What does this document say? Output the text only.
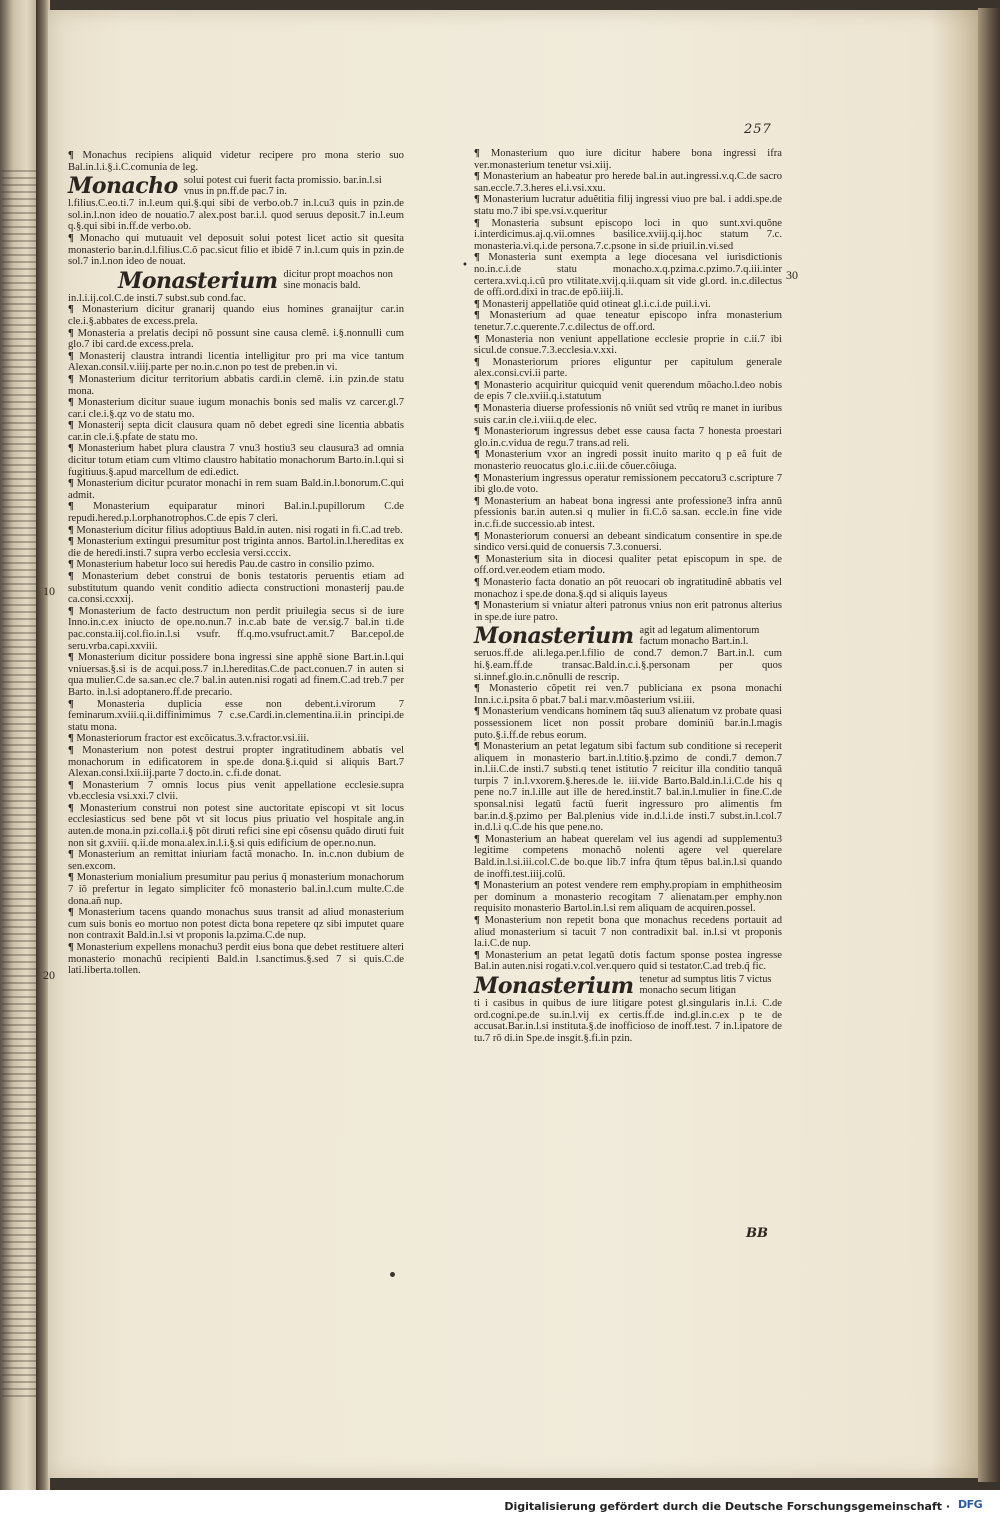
257
10
20
30
•

¶ Monachus recipiens aliquid videtur recipere pro mona sterio suo Bal.in.l.i.§.i.C.comunia de leg.

Monacho solui potest cui fuerit facta promissio. bar.in.l.si vnus in pn.ff.de pac.7 in.

l.filius.C.eo.ti.7 in.l.eum qui.§.qui sibi de verbo.ob.7 in.l.cu3 quis in pzin.de sol.in.l.non ideo de nouatio.7 alex.post bar.i.l. quod seruus deposit.7 in.l.eum q.§.qui sibi in.ff.de verbo.ob.

¶ Monacho qui mutuauit vel deposuit solui potest licet actio sit quesita monasterio bar.in.d.l.filius.C.õ pac.sicut filio et ibidẽ 7 in.l.cum quis in pzin.de sol.7 in.l.non ideo de nouat.

Monasterium dicitur propt moachos non sine monacis bald.

in.l.i.ij.col.C.de insti.7 subst.sub cond.fac.

¶ Monasterium dicitur granarij quando eius homines granaijtur car.in cle.i.§.abbates de excess.prela.

¶ Monasteria a prelatis decipi nõ possunt sine causa clemẽ. i.§.nonnulli cum glo.7 ibi card.de excess.prela.

¶ Monasterij claustra intrandi licentia intelligitur pro pri ma vice tantum Alexan.consil.v.iiij.parte per no.in.c.non po test de preben.in vi.

¶ Monasterium dicitur territorium abbatis cardi.in clemẽ. i.in pzin.de statu mona.

¶ Monasterium dicitur suaue iugum monachis bonis sed malis vz carcer.gl.7 car.i cle.i.§.qz vo de statu mo.

¶ Monasterij septa dicit clausura quam nõ debet egredi sine licentia abbatis car.in cle.i.§.pfate de statu mo.

¶ Monasterium habet plura claustra 7 vnu3 hostiu3 seu clausura3 ad omnia dicitur totum etiam cum vltimo claustro habitatio monachorum Barto.in.l.qui si fugitiuus.§.apud marcellum de edi.edict.

¶ Monasterium dicitur pcurator monachi in rem suam Bald.in.l.bonorum.C.qui admit.

¶ Monasterium equiparatur minori Bal.in.l.pupillorum C.de repudi.hered.p.l.orphanotrophos.C.de epis 7 cleri.

¶ Monasterium dicitur filius adoptiuus Bald.in auten. nisi rogati in fi.C.ad treb.

¶ Monasterium extingui presumitur post triginta annos. Bartol.in.l.hereditas ex die de heredi.insti.7 supra verbo ecclesia versi.cccix.

¶ Monasterium habetur loco sui heredis Pau.de castro in consilio pzimo.

¶ Monasterium debet construi de bonis testatoris peruentis etiam ad substitutum quando venit conditio adiecta constructioni monasterij pau.de ca.consi.ccxxij.

¶ Monasterium de facto destructum non perdit priuilegia secus si de iure Inno.in.c.ex iniucto de ope.no.nun.7 in.c.ab bate de ver.sig.7 bal.in ti.de pac.consta.iij.col.fio.in.l.si vsufr. ff.q.mo.vsufruct.amit.7 Bar.cepol.de seru.vrba.capi.xxviii.

¶ Monasterium dicitur possidere bona ingressi sine apphẽ sione Bart.in.l.qui vniuersas.§.si is de acqui.poss.7 in.l.hereditas.C.de pact.conuen.7 in auten si qua mulier.C.de sa.san.ec cle.7 bal.in auten.nisi rogati ad finem.C.ad treb.7 per Barto. in.l.si adoptanero.ff.de precario.

¶ Monasteria duplicia esse non debent.i.virorum 7 feminarum.xviii.q.ii.diffinimimus 7 c.se.Cardi.in.clementina.ii.in principi.de statu mona.

¶ Monasteriorum fractor est excõicatus.3.v.fractor.vsi.iii.

¶ Monasterium non potest destrui propter ingratitudinem abbatis vel monachorum in edificatorem in spe.de dona.§.i.quid si aliquis Bart.7 Alexan.consi.lxii.iij.parte 7 docto.in. c.fi.de donat.

¶ Monasterium 7 omnis locus pius venit appellatione ecclesie.supra vb.ecclesia vsi.xxi.7 clvii.

¶ Monasterium construi non potest sine auctoritate episcopi vt sit locus ecclesiasticus sed bene põt vt sit locus pius priuatio vel hospitale ang.in auten.de mona.in pzi.colla.i.§ põt diruti refici sine epi cõsensu quãdo diruti fuit non sit g.xviii. q.ii.de mona.alex.in.l.i.§.si quis edificium de oper.no.nun.

¶ Monasterium an remittat iniuriam factã monacho. In. in.c.non dubium de sen.excom.

¶ Monasterium monialium presumitur pau perius q̃ monasterium monachorum 7 iõ prefertur in legato simpliciter fcõ monasterio bal.in.l.cum multe.C.de dona.añ nup.

¶ Monasterium tacens quando monachus suus transit ad aliud monasterium cum suis bonis eo mortuo non potest dicta bona repetere qz sibi imputet quare non contraxit Bald.in.l.si vt proponis la.pzima.C.de nup.

¶ Monasterium expellens monachu3 perdit eius bona que debet restituere alteri monasterio monachũ recipienti Bald.in l.sanctimus.§.sed 7 si quis.C.de lati.liberta.tollen.

¶ Monasterium quo iure dicitur habere bona ingressi ifra ver.monasterium tenetur vsi.xiij.

¶ Monasterium an habeatur pro herede bal.in aut.ingressi.v.q.C.de sacro san.eccle.7.3.heres el.i.vsi.xxu.

¶ Monasterium lucratur aduẽtitia filij ingressi viuo pre bal. i addi.spe.de statu mo.7 ibi spe.vsi.v.queritur

¶ Monasteria subsunt episcopo loci in quo sunt.xvi.quõne i.interdicimus.aj.q.vii.omnes basilice.xviij.q.ij.hoc statum 7.c. monasteria.vi.q.i.de persona.7.c.psone in si.de priuil.in.vi.sed

¶ Monasteria sunt exempta a lege diocesana vel iurisdictionis no.in.c.i.de statu monacho.x.q.pzima.c.pzimo.7.q.iii.inter certera.xvi.q.i.cũ pro vtilitate.xvij.q.ii.quam sit vide gl.ord. in.c.dilectus de offi.ord.dixi in trac.de epõ.iiij.li.

¶ Monasterij appellatiõe quid otineat gl.i.c.i.de puil.i.vi.

¶ Monasterium ad quae teneatur episcopo infra monasterium tenetur.7.c.querente.7.c.dilectus de off.ord.

¶ Monasteria non veniunt appellatione ecclesie proprie in c.ii.7 ibi sicul.de consue.7.3.ecclesia.v.xxi.

¶ Monasteriorum priores eliguntur per capitulum generale alex.consi.cvi.ii parte.

¶ Monasterio acquiritur quicquid venit querendum mõacho.l.deo nobis de epis 7 cle.xviii.q.i.statutum

¶ Monasteria diuerse professionis nõ vniũt sed vtrũq re manet in iuribus suis car.in cle.i.viii.q.de elec.

¶ Monasteriorum ingressus debet esse causa facta 7 honesta proestari glo.in.c.vidua de regu.7 trans.ad reli.

¶ Monasterium vxor an ingredi possit inuito marito q p eã fuit de monasterio reuocatus glo.i.c.iii.de cõuer.cõiuga.

¶ Monasterium ingressus operatur remissionem peccatoru3 c.scripture 7 ibi glo.de voto.

¶ Monasterium an habeat bona ingressi ante professione3 infra annũ pfessionis bar.in auten.si q mulier in fi.C.õ sa.san. eccle.in fine vide in.c.fi.de successio.ab intest.

¶ Monasteriorum conuersi an debeant sindicatum consentire in spe.de sindico versi.quid de conuersis 7.3.conuersi.

¶ Monasterium sita in diocesi qualiter petat episcopum in spe. de off.ord.ver.eodem etiam modo.

¶ Monasterio facta donatio an põt reuocari ob ingratitudinẽ abbatis vel monachoz i spe.de dona.§.qd si aliquis layeus

¶ Monasterium si vniatur alteri patronus vnius non erit patronus alterius in spe.de iure patro.

Monasterium agit ad legatum alimentorum factum monacho Bart.in.l.

seruos.ff.de ali.lega.per.l.filio de cond.7 demon.7 Bart.in.l. cum hi.§.eam.ff.de transac.Bald.in.c.i.§.personam per quos si.innef.glo.in.c.nõnulli de rescrip.

¶ Monasterio cõpetit rei ven.7 publiciana ex psona monachi Inn.i.c.i.psita õ pbat.7 bal.i mar.v.mõasterium vsi.iii.

¶ Monasterium vendicans hominem tãq suu3 alienatum vz probate quasi possessionem licet non possit probare dominiũ bar.in.l.magis puto.§.i.ff.de rebus eorum.

¶ Monasterium an petat legatum sibi factum sub conditione si receperit aliquem in monasterio bart.in.l.titio.§.pzimo de condi.7 demon.7 in.l.ii.C.de insti.7 substi.q tenet istitutio 7 reicitur illa conditio tanquã turpis 7 in.l.vxorem.§.heres.de le. iii.vide Barto.Bald.in.l.i.C.de his q pene no.7 in.l.ille aut ille de hered.instit.7 bal.in.l.mulier in fine.C.de sponsal.nisi legatũ factũ fuerit ingressuro pro alimentis fm bar.in.d.§.pzimo per Bal.plenius vide in.d.l.i.de insti.7 subst.in.l.col.7 in.d.l.i q.C.de his que pene.no.

¶ Monasterium an habeat querelam vel ius agendi ad supplementu3 legitime competens monachõ nolenti agere vel querelare Bald.in.l.si.iii.col.C.de bo.que lib.7 infra q̃tum tẽpus bal.in.l.si quando de inoffi.test.iiij.colũ.

¶ Monasterium an potest vendere rem emphy.propiam in emphitheosim per dominum a monasterio recogitam 7 alienatam.per emphy.non requisito monasterio Bartol.in.l.si rem aliquam de acquiren.possel.

¶ Monasterium non repetit bona que monachus recedens portauit ad aliud monasterium si tacuit 7 non contradixit bal. in.l.si vt proponis la.i.C.de nup.

¶ Monasterium an petat legatũ dotis factum sponse postea ingresse Bal.in auten.nisi rogati.v.col.ver.quero quid si testator.C.ad treb.q̃ fic.

Monasterium tenetur ad sumptus litis 7 victus monacho secum litigan

ti i casibus in quibus de iure litigare potest gl.singularis in.l.i. C.de ord.cogni.pe.de su.in.l.vij ex certis.ff.de ind.gl.in.c.ex p te de accusat.Bar.in.l.si instituta.§.de inofficioso de inoff.test. 7 in.l.ipatore de tu.7 rõ di.in Spe.de insgit.§.fi.in pzin.

BB
Digitalisierung gefördert durch die Deutsche Forschungsgemeinschaft · DFG
